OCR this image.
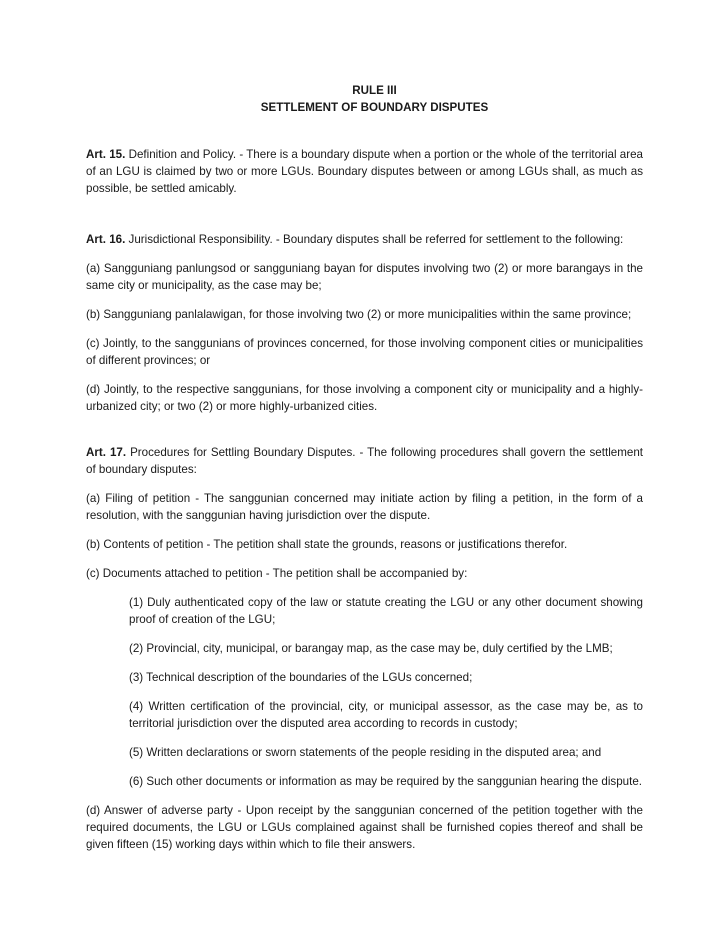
RULE III
SETTLEMENT OF BOUNDARY DISPUTES

Art. 15. Definition and Policy. - There is a boundary dispute when a portion or the whole of the territorial area of an LGU is claimed by two or more LGUs. Boundary disputes between or among LGUs shall, as much as possible, be settled amicably.

Art. 16. Jurisdictional Responsibility. - Boundary disputes shall be referred for settlement to the following:

(a) Sangguniang panlungsod or sangguniang bayan for disputes involving two (2) or more barangays in the same city or municipality, as the case may be;

(b) Sangguniang panlalawigan, for those involving two (2) or more municipalities within the same province;

(c) Jointly, to the sanggunians of provinces concerned, for those involving component cities or municipalities of different provinces; or

(d) Jointly, to the respective sanggunians, for those involving a component city or municipality and a highly-urbanized city; or two (2) or more highly-urbanized cities.

Art. 17. Procedures for Settling Boundary Disputes. - The following procedures shall govern the settlement of boundary disputes:

(a) Filing of petition - The sanggunian concerned may initiate action by filing a petition, in the form of a resolution, with the sanggunian having jurisdiction over the dispute.

(b) Contents of petition - The petition shall state the grounds, reasons or justifications therefor.

(c) Documents attached to petition - The petition shall be accompanied by:

(1) Duly authenticated copy of the law or statute creating the LGU or any other document showing proof of creation of the LGU;

(2) Provincial, city, municipal, or barangay map, as the case may be, duly certified by the LMB;

(3) Technical description of the boundaries of the LGUs concerned;

(4) Written certification of the provincial, city, or municipal assessor, as the case may be, as to territorial jurisdiction over the disputed area according to records in custody;

(5) Written declarations or sworn statements of the people residing in the disputed area; and

(6) Such other documents or information as may be required by the sanggunian hearing the dispute.

(d) Answer of adverse party - Upon receipt by the sanggunian concerned of the petition together with the required documents, the LGU or LGUs complained against shall be furnished copies thereof and shall be given fifteen (15) working days within which to file their answers.
